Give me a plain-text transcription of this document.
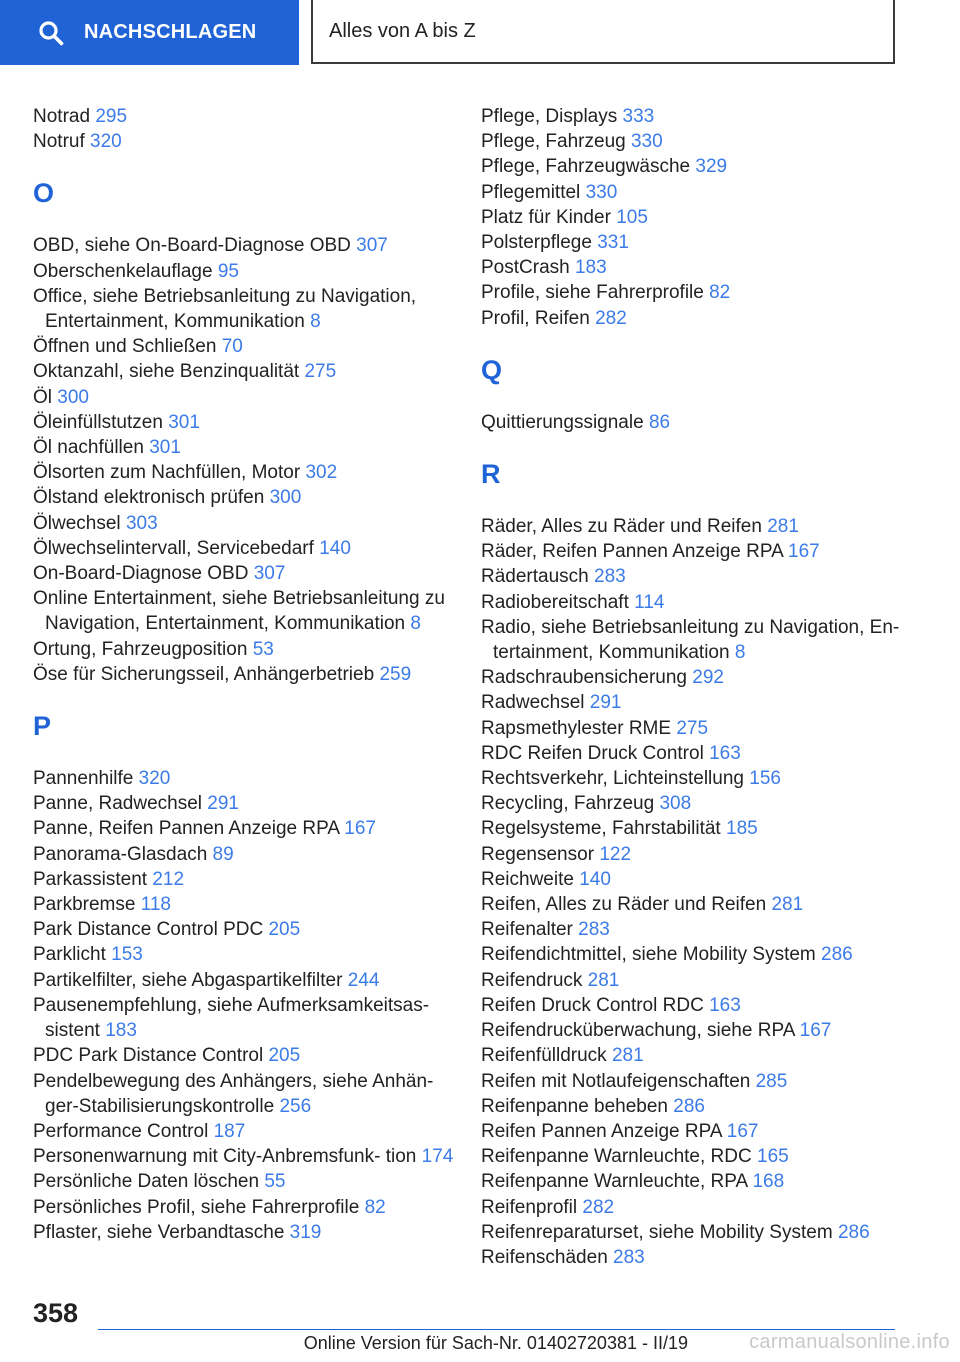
NACHSCHLAGEN	Alles von A bis Z

Notrad 295

Notruf 320

O

OBD, siehe On-Board-Diagnose OBD 307

Oberschenkelauflage 95

Office, siehe Betriebsanleitung zu Navigation, Entertainment, Kommunikation 8

Öffnen und Schließen 70

Oktanzahl, siehe Benzinqualität 275

Öl 300

Öleinfüllstutzen 301

Öl nachfüllen 301

Ölsorten zum Nachfüllen, Motor 302

Ölstand elektronisch prüfen 300

Ölwechsel 303

Ölwechselintervall, Servicebedarf 140

On-Board-Diagnose OBD 307

Online Entertainment, siehe Betriebsanleitung zu Navigation, Entertainment, Kommunikation 8

Ortung, Fahrzeugposition 53

Öse für Sicherungsseil, Anhängerbetrieb 259

P

Pannenhilfe 320

Panne, Radwechsel 291

Panne, Reifen Pannen Anzeige RPA 167

Panorama-Glasdach 89

Parkassistent 212

Parkbremse 118

Park Distance Control PDC 205

Parklicht 153

Partikelfilter, siehe Abgaspartikelfilter 244

Pausenempfehlung, siehe Aufmerksamkeitsas- sistent 183

PDC Park Distance Control 205

Pendelbewegung des Anhängers, siehe Anhän- ger-Stabilisierungskontrolle 256

Performance Control 187

Personenwarnung mit City-Anbremsfunk- tion 174

Persönliche Daten löschen 55

Persönliches Profil, siehe Fahrerprofile 82

Pflaster, siehe Verbandtasche 319

Pflege, Displays 333

Pflege, Fahrzeug 330

Pflege, Fahrzeugwäsche 329

Pflegemittel 330

Platz für Kinder 105

Polsterpflege 331

PostCrash 183

Profile, siehe Fahrerprofile 82

Profil, Reifen 282

Q

Quittierungssignale 86

R

Räder, Alles zu Räder und Reifen 281

Räder, Reifen Pannen Anzeige RPA 167

Rädertausch 283

Radiobereitschaft 114

Radio, siehe Betriebsanleitung zu Navigation, En- tertainment, Kommunikation 8

Radschraubensicherung 292

Radwechsel 291

Rapsmethylester RME 275

RDC Reifen Druck Control 163

Rechtsverkehr, Lichteinstellung 156

Recycling, Fahrzeug 308

Regelsysteme, Fahrstabilität 185

Regensensor 122

Reichweite 140

Reifen, Alles zu Räder und Reifen 281

Reifenalter 283

Reifendichtmittel, siehe Mobility System 286

Reifendruck 281

Reifen Druck Control RDC 163

Reifendrucküberwachung, siehe RPA 167

Reifenfülldruck 281

Reifen mit Notlaufeigenschaften 285

Reifenpanne beheben 286

Reifen Pannen Anzeige RPA 167

Reifenpanne Warnleuchte, RDC 165

Reifenpanne Warnleuchte, RPA 168

Reifenprofil 282

Reifenreparaturset, siehe Mobility System 286

Reifenschäden 283

358
Online Version für Sach-Nr. 01402720381 - II/19	carmanualsonline.info
